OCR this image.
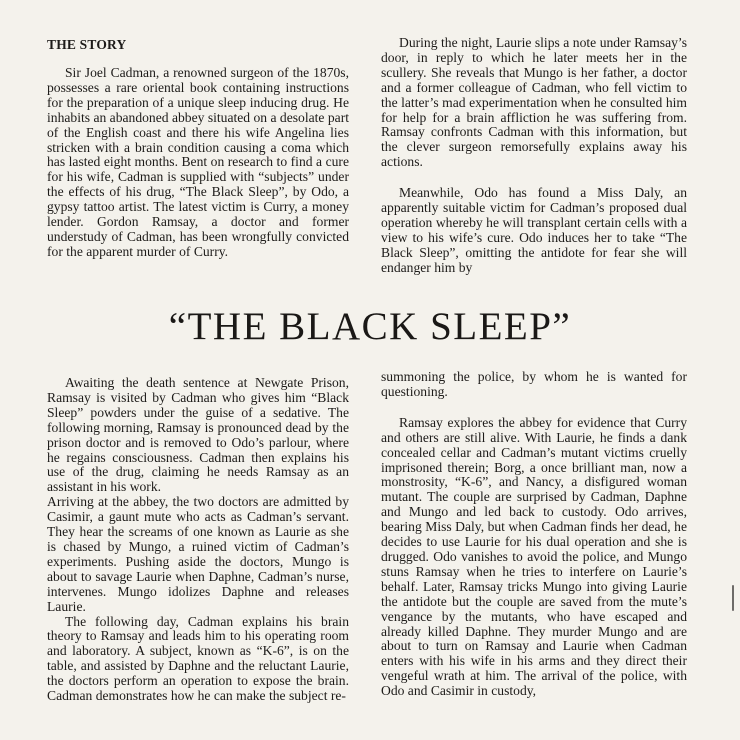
THE STORY

Sir Joel Cadman, a renowned surgeon of the 1870s, possesses a rare oriental book containing instructions for the preparation of a unique sleep inducing drug. He inhabits an abandoned abbey situated on a desolate part of the English coast and there his wife Angelina lies stricken with a brain condition causing a coma which has lasted eight months. Bent on research to find a cure for his wife, Cadman is supplied with “subjects” under the effects of his drug, “The Black Sleep”, by Odo, a gypsy tattoo artist. The latest victim is Curry, a money lender. Gordon Ramsay, a doctor and former understudy of Cadman, has been wrongfully convicted for the apparent murder of Curry.

During the night, Laurie slips a note under Ramsay’s door, in reply to which he later meets her in the scullery. She reveals that Mungo is her father, a doctor and a former colleague of Cadman, who fell victim to the latter’s mad experimentation when he consulted him for help for a brain affliction he was suffering from. Ramsay confronts Cadman with this information, but the clever surgeon remorsefully explains away his actions.

Meanwhile, Odo has found a Miss Daly, an apparently suitable victim for Cadman’s proposed dual operation whereby he will transplant certain cells with a view to his wife’s cure. Odo induces her to take “The Black Sleep”, omitting the antidote for fear she will endanger him by

“THE BLACK SLEEP”

Awaiting the death sentence at Newgate Prison, Ramsay is visited by Cadman who gives him “Black Sleep” powders under the guise of a sedative. The following morning, Ramsay is pronounced dead by the prison doctor and is removed to Odo’s parlour, where he regains consciousness. Cadman then explains his use of the drug, claiming he needs Ramsay as an assistant in his work.

Arriving at the abbey, the two doctors are admitted by Casimir, a gaunt mute who acts as Cadman’s servant. They hear the screams of one known as Laurie as she is chased by Mungo, a ruined victim of Cadman’s experiments. Pushing aside the doctors, Mungo is about to savage Laurie when Daphne, Cadman’s nurse, intervenes. Mungo idolizes Daphne and releases Laurie.

The following day, Cadman explains his brain theory to Ramsay and leads him to his operating room and laboratory. A subject, known as “K-6”, is on the table, and assisted by Daphne and the reluctant Laurie, the doctors perform an operation to expose the brain. Cadman demonstrates how he can make the subject re-

summoning the police, by whom he is wanted for questioning.

Ramsay explores the abbey for evidence that Curry and others are still alive. With Laurie, he finds a dank concealed cellar and Cadman’s mutant victims cruelly imprisoned therein; Borg, a once brilliant man, now a monstrosity, “K-6”, and Nancy, a disfigured woman mutant. The couple are surprised by Cadman, Daphne and Mungo and led back to custody. Odo arrives, bearing Miss Daly, but when Cadman finds her dead, he decides to use Laurie for his dual operation and she is drugged. Odo vanishes to avoid the police, and Mungo stuns Ramsay when he tries to interfere on Laurie’s behalf. Later, Ramsay tricks Mungo into giving Laurie the antidote but the couple are saved from the mute’s vengance by the mutants, who have escaped and already killed Daphne. They murder Mungo and are about to turn on Ramsay and Laurie when Cadman enters with his wife in his arms and they direct their vengeful wrath at him. The arrival of the police, with Odo and Casimir in custody,
